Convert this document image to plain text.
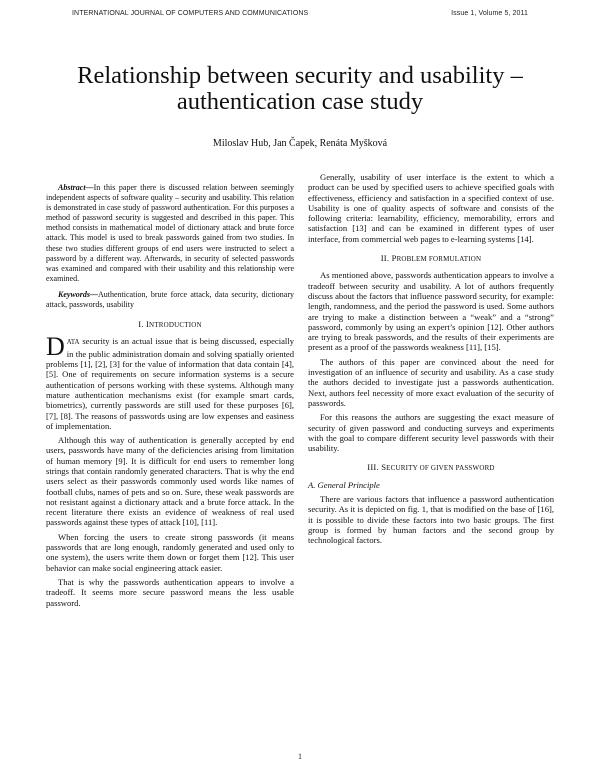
INTERNATIONAL JOURNAL OF COMPUTERS AND COMMUNICATIONS	Issue 1, Volume 5, 2011
Relationship between security and usability –
authentication case study
Miloslav Hub, Jan Čapek, Renáta Myšková

Abstract—In this paper there is discussed relation between seemingly independent aspects of software quality – security and usability. This relation is demonstrated in case study of password authentication. For this purposes a method of password security is suggested and described in this paper. This method consists in mathematical model of dictionary attack and brute force attack. This model is used to break passwords gained from two studies. In these two studies different groups of end users were instructed to select a password by a different way. Afterwards, in security of selected passwords was examined and compared with their usability and this relationship were examined.

Keywords—Authentication, brute force attack, data security, dictionary attack, passwords, usability

I. INTRODUCTION

DATA security is an actual issue that is being discussed, especially in the public administration domain and solving spatially oriented problems [1], [2], [3] for the value of information that data contain [4], [5]. One of requirements on secure information systems is a secure authentication of persons working with these systems. Although many mature authentication mechanisms exist (for example smart cards, biometrics), currently passwords are still used for these purposes [6], [7], [8]. The reasons of passwords using are low expenses and easiness of implementation.

Although this way of authentication is generally accepted by end users, passwords have many of the deficiencies arising from limitation of human memory [9]. It is difficult for end users to remember long strings that contain randomly generated characters. That is why the end users select as their passwords commonly used words like names of football clubs, names of pets and so on. Sure, these weak passwords are not resistant against a dictionary attack and a brute force attack. In the recent literature there exists an evidence of weakness of real used passwords against these types of attack [10], [11].

When forcing the users to create strong passwords (it means passwords that are long enough, randomly generated and used only to one system), the users write them down or forget them [12]. This user behavior can make social engineering attack easier.

That is why the passwords authentication appears to involve a tradeoff. It seems more secure password means the less usable password.

Generally, usability of user interface is the extent to which a product can be used by specified users to achieve specified goals with effectiveness, efficiency and satisfaction in a specified context of use. Usability is one of quality aspects of software and consists of the following criteria: learnability, efficiency, memorability, errors and satisfaction [13] and can be examined in different types of user interface, from commercial web pages to e-learning systems [14].

II. PROBLEM FORMULATION

As mentioned above, passwords authentication appears to involve a tradeoff between security and usability. A lot of authors frequently discuss about the factors that influence password security, for example: length, randomness, and the period the password is used. Some authors are trying to make a distinction between a “weak” and a “strong” password, commonly by using an expert’s opinion [12]. Other authors are trying to break passwords, and the results of their experiments are present as a proof of the passwords weakness [11], [15].

The authors of this paper are convinced about the need for investigation of an influence of security and usability. As a case study the authors decided to investigate just a passwords authentication. Next, authors feel necessity of more exact evaluation of the security of passwords.

For this reasons the authors are suggesting the exact measure of security of given password and conducting surveys and experiments with the goal to compare different security level passwords with their usability.

III. SECURITY OF GIVEN PASSWORD

A. General Principle

There are various factors that influence a password authentication security. As it is depicted on fig. 1, that is modified on the base of [16], it is possible to divide these factors into two basic groups. The first group is formed by human factors and the second group by technological factors.

1
